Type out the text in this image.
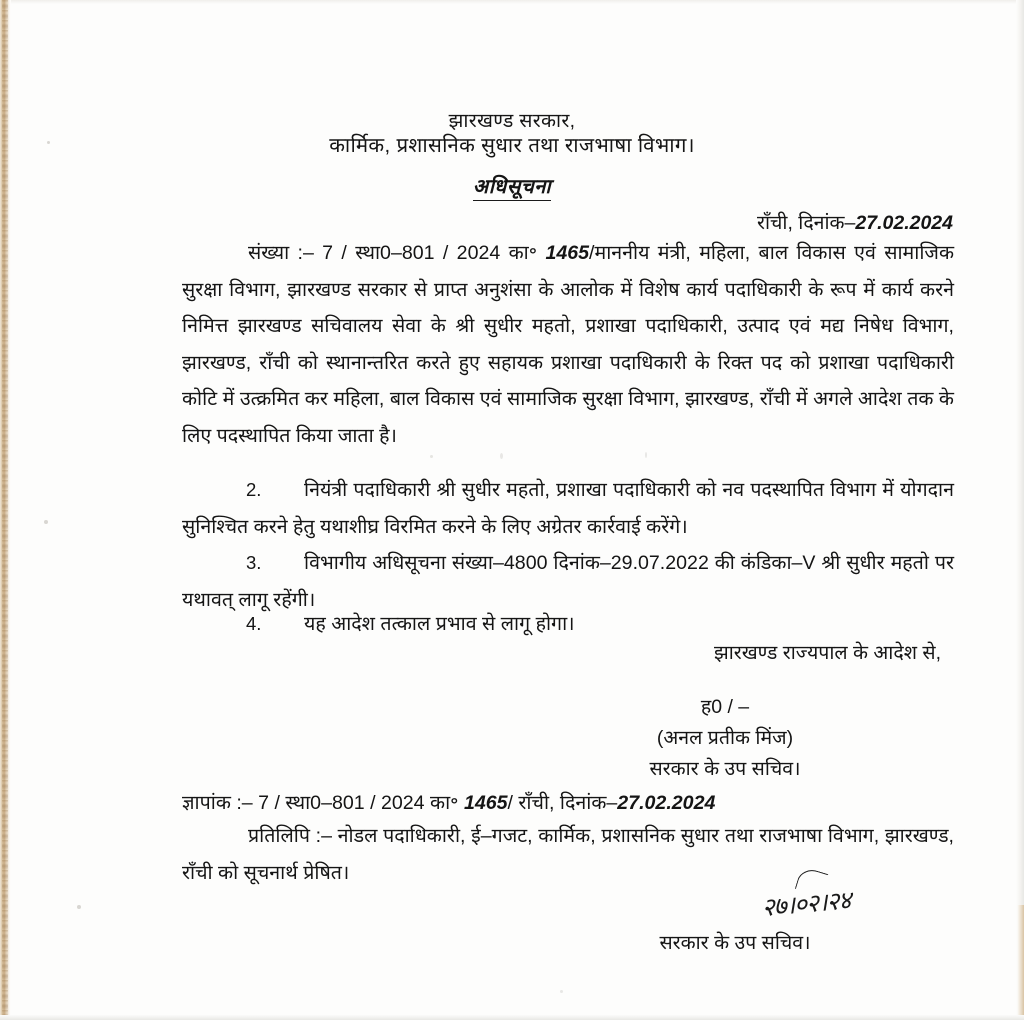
झारखण्ड सरकार,
कार्मिक, प्रशासनिक सुधार तथा राजभाषा विभाग।
अधिसूचना
राँची, दिनांक–27.02.2024

संख्या :– 7 / स्था0–801 / 2024 का॰ 1465/माननीय मंत्री, महिला, बाल विकास एवं सामाजिक सुरक्षा विभाग, झारखण्ड सरकार से प्राप्त अनुशंसा के आलोक में विशेष कार्य पदाधिकारी के रूप में कार्य करने निमित्त झारखण्ड सचिवालय सेवा के श्री सुधीर महतो, प्रशाखा पदाधिकारी, उत्पाद एवं मद्य निषेध विभाग, झारखण्ड, राँची को स्थानान्तरित करते हुए सहायक प्रशाखा पदाधिकारी के रिक्त पद को प्रशाखा पदाधिकारी कोटि में उत्क्रमित कर महिला, बाल विकास एवं सामाजिक सुरक्षा विभाग, झारखण्ड, राँची में अगले आदेश तक के लिए पदस्थापित किया जाता है।

2. नियंत्री पदाधिकारी श्री सुधीर महतो, प्रशाखा पदाधिकारी को नव पदस्थापित विभाग में योगदान सुनिश्चित करने हेतु यथाशीघ्र विरमित करने के लिए अग्रेतर कार्रवाई करेंगे।
3. विभागीय अधिसूचना संख्या–4800 दिनांक–29.07.2022 की कंडिका–V श्री सुधीर महतो पर यथावत् लागू रहेंगी।
4. यह आदेश तत्काल प्रभाव से लागू होगा।
झारखण्ड राज्यपाल के आदेश से,
ह0 / –
(अनल प्रतीक मिंज)
सरकार के उप सचिव।
ज्ञापांक :– 7 / स्था0–801 / 2024 का॰ 1465/ राँची, दिनांक–27.02.2024
प्रतिलिपि :– नोडल पदाधिकारी, ई–गजट, कार्मिक, प्रशासनिक सुधार तथा राजभाषा विभाग, झारखण्ड, राँची को सूचनार्थ प्रेषित।
२७।०२।२४
सरकार के उप सचिव।
